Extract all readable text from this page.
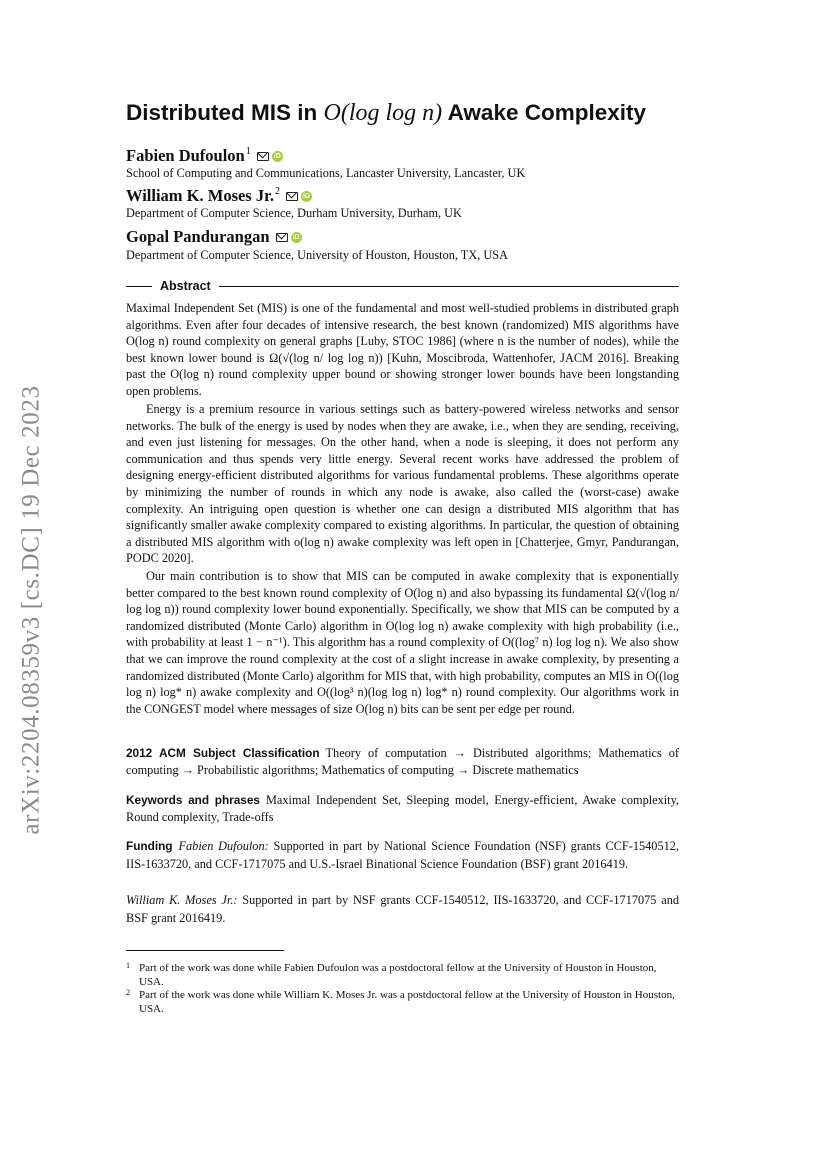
arXiv:2204.08359v3 [cs.DC] 19 Dec 2023
Distributed MIS in O(log log n) Awake Complexity
Fabien Dufoulon$^1$	iD
School of Computing and Communications, Lancaster University, Lancaster, UK
William K. Moses Jr.$^2$	iD
Department of Computer Science, Durham University, Durham, UK
Gopal Pandurangan	iD
Department of Computer Science, University of Houston, Houston, TX, USA
Abstract

Maximal Independent Set (MIS) is one of the fundamental and most well-studied problems in distributed graph algorithms. Even after four decades of intensive research, the best known (randomized) MIS algorithms have O(log n) round complexity on general graphs [Luby, STOC 1986] (where n is the number of nodes), while the best known lower bound is Ω(√(log n/ log log n)) [Kuhn, Moscibroda, Wattenhofer, JACM 2016]. Breaking past the O(log n) round complexity upper bound or showing stronger lower bounds have been longstanding open problems.

Energy is a premium resource in various settings such as battery-powered wireless networks and sensor networks. The bulk of the energy is used by nodes when they are awake, i.e., when they are sending, receiving, and even just listening for messages. On the other hand, when a node is sleeping, it does not perform any communication and thus spends very little energy. Several recent works have addressed the problem of designing energy-efficient distributed algorithms for various fundamental problems. These algorithms operate by minimizing the number of rounds in which any node is awake, also called the (worst-case) awake complexity. An intriguing open question is whether one can design a distributed MIS algorithm that has significantly smaller awake complexity compared to existing algorithms. In particular, the question of obtaining a distributed MIS algorithm with o(log n) awake complexity was left open in [Chatterjee, Gmyr, Pandurangan, PODC 2020].

Our main contribution is to show that MIS can be computed in awake complexity that is exponentially better compared to the best known round complexity of O(log n) and also bypassing its fundamental Ω(√(log n/ log log n)) round complexity lower bound exponentially. Specifically, we show that MIS can be computed by a randomized distributed (Monte Carlo) algorithm in O(log log n) awake complexity with high probability (i.e., with probability at least 1 − n⁻¹). This algorithm has a round complexity of O((log⁷ n) log log n). We also show that we can improve the round complexity at the cost of a slight increase in awake complexity, by presenting a randomized distributed (Monte Carlo) algorithm for MIS that, with high probability, computes an MIS in O((log log n) log* n) awake complexity and O((log³ n)(log log n) log* n) round complexity. Our algorithms work in the CONGEST model where messages of size O(log n) bits can be sent per edge per round.

2012 ACM Subject Classification Theory of computation → Distributed algorithms; Mathematics of computing → Probabilistic algorithms; Mathematics of computing → Discrete mathematics

Keywords and phrases Maximal Independent Set, Sleeping model, Energy-efficient, Awake complexity, Round complexity, Trade-offs

Funding Fabien Dufoulon: Supported in part by National Science Foundation (NSF) grants CCF-1540512, IIS-1633720, and CCF-1717075 and U.S.-Israel Binational Science Foundation (BSF) grant 2016419.

William K. Moses Jr.: Supported in part by NSF grants CCF-1540512, IIS-1633720, and CCF-1717075 and BSF grant 2016419.

1 Part of the work was done while Fabien Dufoulon was a postdoctoral fellow at the University of Houston in Houston, USA.
2 Part of the work was done while William K. Moses Jr. was a postdoctoral fellow at the University of Houston in Houston, USA.
